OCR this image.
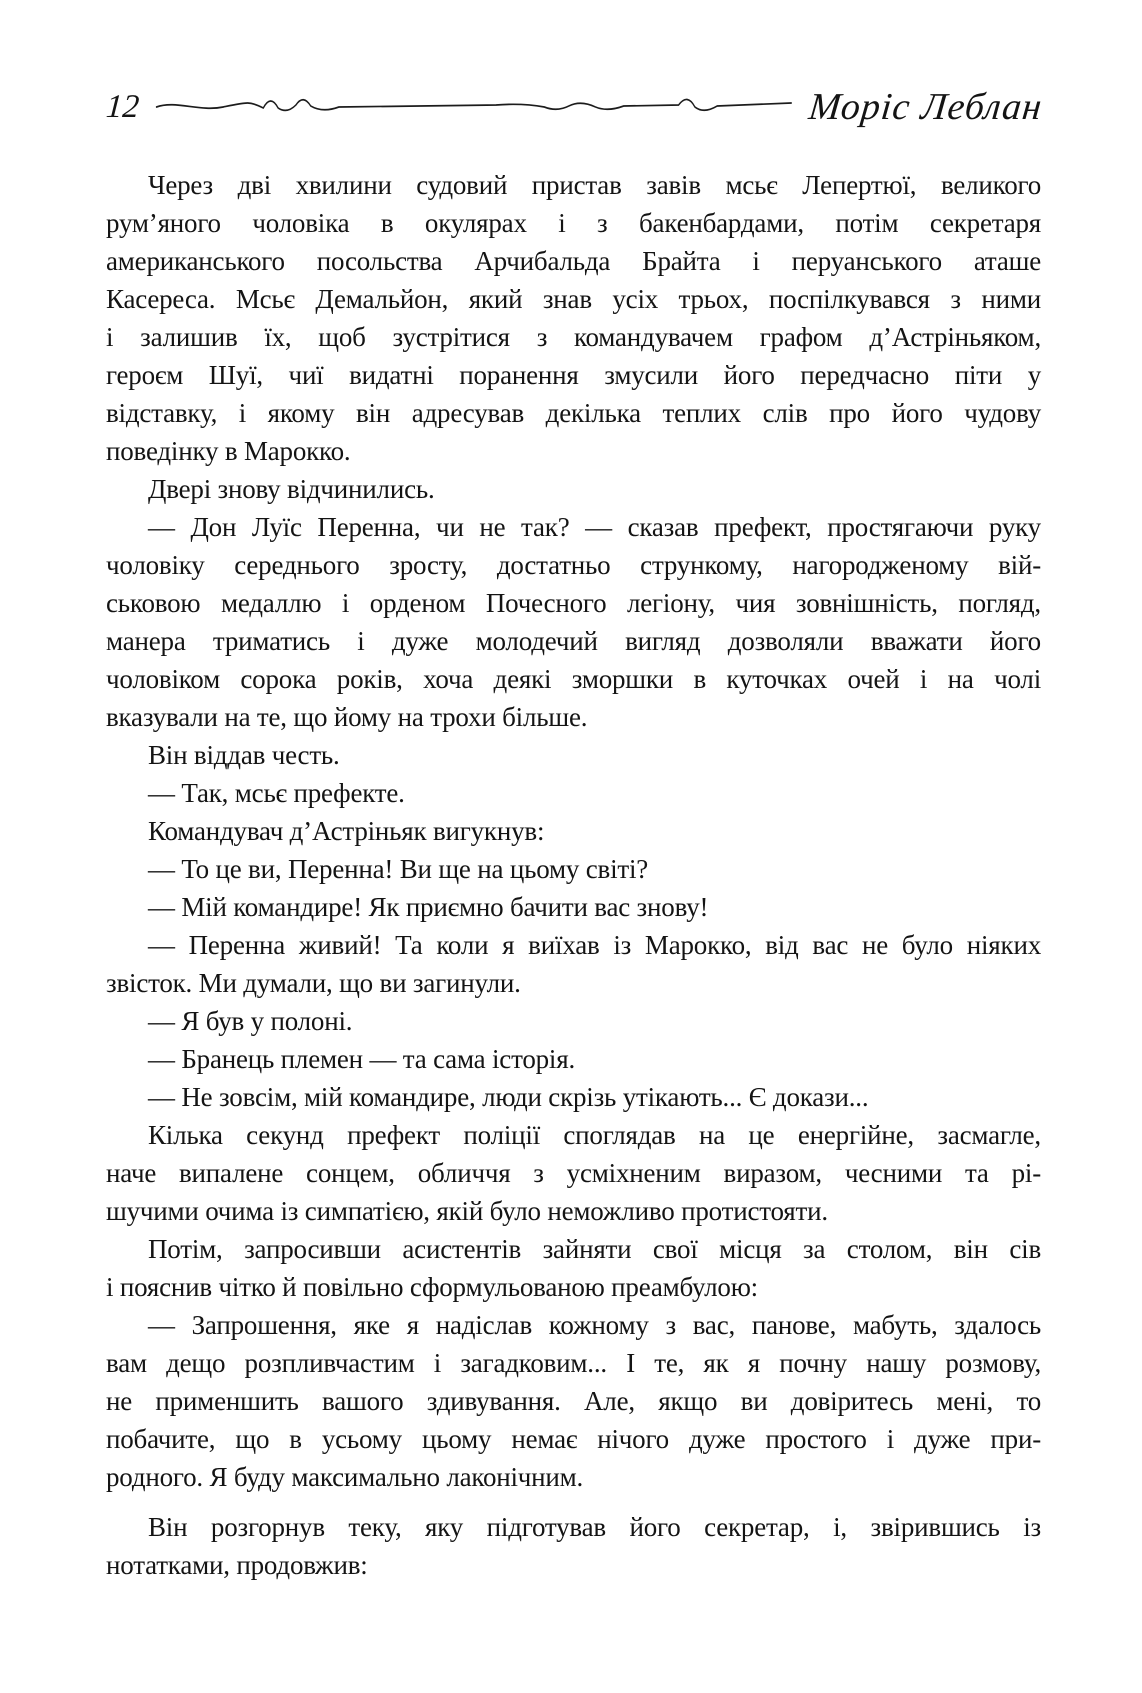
12	Моріс Леблан
Через дві хвилини судовий пристав завів мсьє Лепертюї, великого
рум’яного чоловіка в окулярах і з бакенбардами, потім секретаря
американського посольства Арчибальда Брайта і перуанського аташе
Касереса. Мсьє Демальйон, який знав усіх трьох, поспілкувався з ними
і залишив їх, щоб зустрітися з командувачем графом д’Астріньяком,
героєм Шуї, чиї видатні поранення змусили його передчасно піти у
відставку, і якому він адресував декілька теплих слів про його чудову
поведінку в Марокко.
Двері знову відчинились.
— Дон Луїс Перенна, чи не так? — сказав префект, простягаючи руку
чоловіку середнього зросту, достатньо стрункому, нагородженому вій-
ськовою медаллю і орденом Почесного легіону, чия зовнішність, погляд,
манера триматись і дуже молодечий вигляд дозволяли вважати його
чоловіком сорока років, хоча деякі зморшки в куточках очей і на чолі
вказували на те, що йому на трохи більше.
Він віддав честь.
— Так, мсьє префекте.
Командувач д’Астріньяк вигукнув:
— То це ви, Перенна! Ви ще на цьому світі?
— Мій командире! Як приємно бачити вас знову!
— Перенна живий! Та коли я виїхав із Марокко, від вас не було ніяких
звісток. Ми думали, що ви загинули.
— Я був у полоні.
— Бранець племен — та сама історія.
— Не зовсім, мій командире, люди скрізь утікають... Є докази...
Кілька секунд префект поліції споглядав на це енергійне, засмагле,
наче випалене сонцем, обличчя з усміхненим виразом, чесними та рі-
шучими очима із симпатією, якій було неможливо протистояти.
Потім, запросивши асистентів зайняти свої місця за столом, він сів
і пояснив чітко й повільно сформульованою преамбулою:
— Запрошення, яке я надіслав кожному з вас, панове, мабуть, здалось
вам дещо розпливчастим і загадковим... І те, як я почну нашу розмову,
не применшить вашого здивування. Але, якщо ви довіритесь мені, то
побачите, що в усьому цьому немає нічого дуже простого і дуже при-
родного. Я буду максимально лаконічним.
Він розгорнув теку, яку підготував його секретар, і, звірившись із
нотатками, продовжив:
